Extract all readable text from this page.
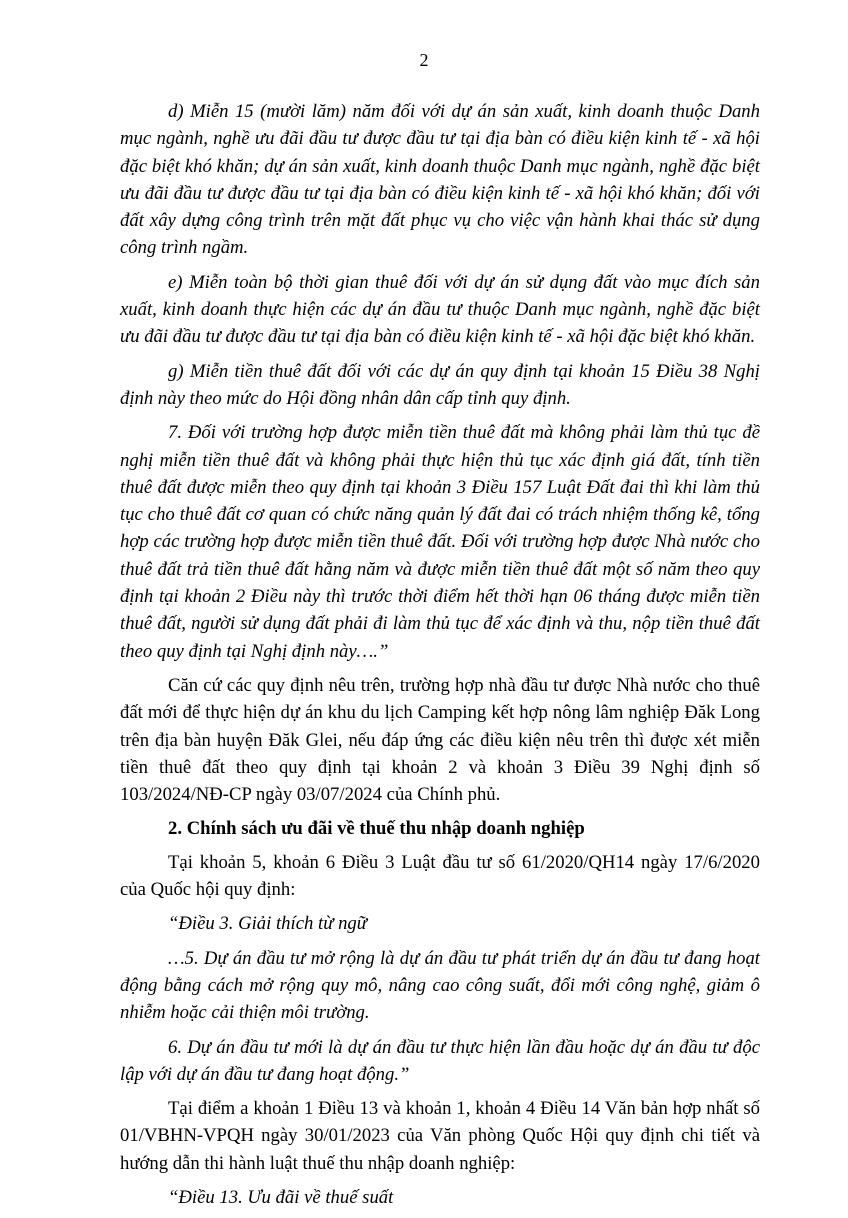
2

d) Miễn 15 (mười lăm) năm đối với dự án sản xuất, kinh doanh thuộc Danh mục ngành, nghề ưu đãi đầu tư được đầu tư tại địa bàn có điều kiện kinh tế - xã hội đặc biệt khó khăn; dự án sản xuất, kinh doanh thuộc Danh mục ngành, nghề đặc biệt ưu đãi đầu tư được đầu tư tại địa bàn có điều kiện kinh tế - xã hội khó khăn; đối với đất xây dựng công trình trên mặt đất phục vụ cho việc vận hành khai thác sử dụng công trình ngầm.

e) Miễn toàn bộ thời gian thuê đối với dự án sử dụng đất vào mục đích sản xuất, kinh doanh thực hiện các dự án đầu tư thuộc Danh mục ngành, nghề đặc biệt ưu đãi đầu tư được đầu tư tại địa bàn có điều kiện kinh tế - xã hội đặc biệt khó khăn.

g) Miễn tiền thuê đất đối với các dự án quy định tại khoản 15 Điều 38 Nghị định này theo mức do Hội đồng nhân dân cấp tỉnh quy định.

7. Đối với trường hợp được miễn tiền thuê đất mà không phải làm thủ tục đề nghị miễn tiền thuê đất và không phải thực hiện thủ tục xác định giá đất, tính tiền thuê đất được miễn theo quy định tại khoản 3 Điều 157 Luật Đất đai thì khi làm thủ tục cho thuê đất cơ quan có chức năng quản lý đất đai có trách nhiệm thống kê, tổng hợp các trường hợp được miễn tiền thuê đất. Đối với trường hợp được Nhà nước cho thuê đất trả tiền thuê đất hằng năm và được miễn tiền thuê đất một số năm theo quy định tại khoản 2 Điều này thì trước thời điểm hết thời hạn 06 tháng được miễn tiền thuê đất, người sử dụng đất phải đi làm thủ tục để xác định và thu, nộp tiền thuê đất theo quy định tại Nghị định này….”

Căn cứ các quy định nêu trên, trường hợp nhà đầu tư được Nhà nước cho thuê đất mới để thực hiện dự án khu du lịch Camping kết hợp nông lâm nghiệp Đăk Long trên địa bàn huyện Đăk Glei, nếu đáp ứng các điều kiện nêu trên thì được xét miễn tiền thuê đất theo quy định tại khoản 2 và khoản 3 Điều 39 Nghị định số 103/2024/NĐ-CP ngày 03/07/2024 của Chính phủ.

2. Chính sách ưu đãi về thuế thu nhập doanh nghiệp

Tại khoản 5, khoản 6 Điều 3 Luật đầu tư số 61/2020/QH14 ngày 17/6/2020 của Quốc hội quy định:

“Điều 3. Giải thích từ ngữ

…5. Dự án đầu tư mở rộng là dự án đầu tư phát triển dự án đầu tư đang hoạt động bằng cách mở rộng quy mô, nâng cao công suất, đổi mới công nghệ, giảm ô nhiễm hoặc cải thiện môi trường.

6. Dự án đầu tư mới là dự án đầu tư thực hiện lần đầu hoặc dự án đầu tư độc lập với dự án đầu tư đang hoạt động.”

Tại điểm a khoản 1 Điều 13 và khoản 1, khoản 4 Điều 14 Văn bản hợp nhất số 01/VBHN-VPQH ngày 30/01/2023 của Văn phòng Quốc Hội quy định chi tiết và hướng dẫn thi hành luật thuế thu nhập doanh nghiệp:

“Điều 13. Ưu đãi về thuế suất
